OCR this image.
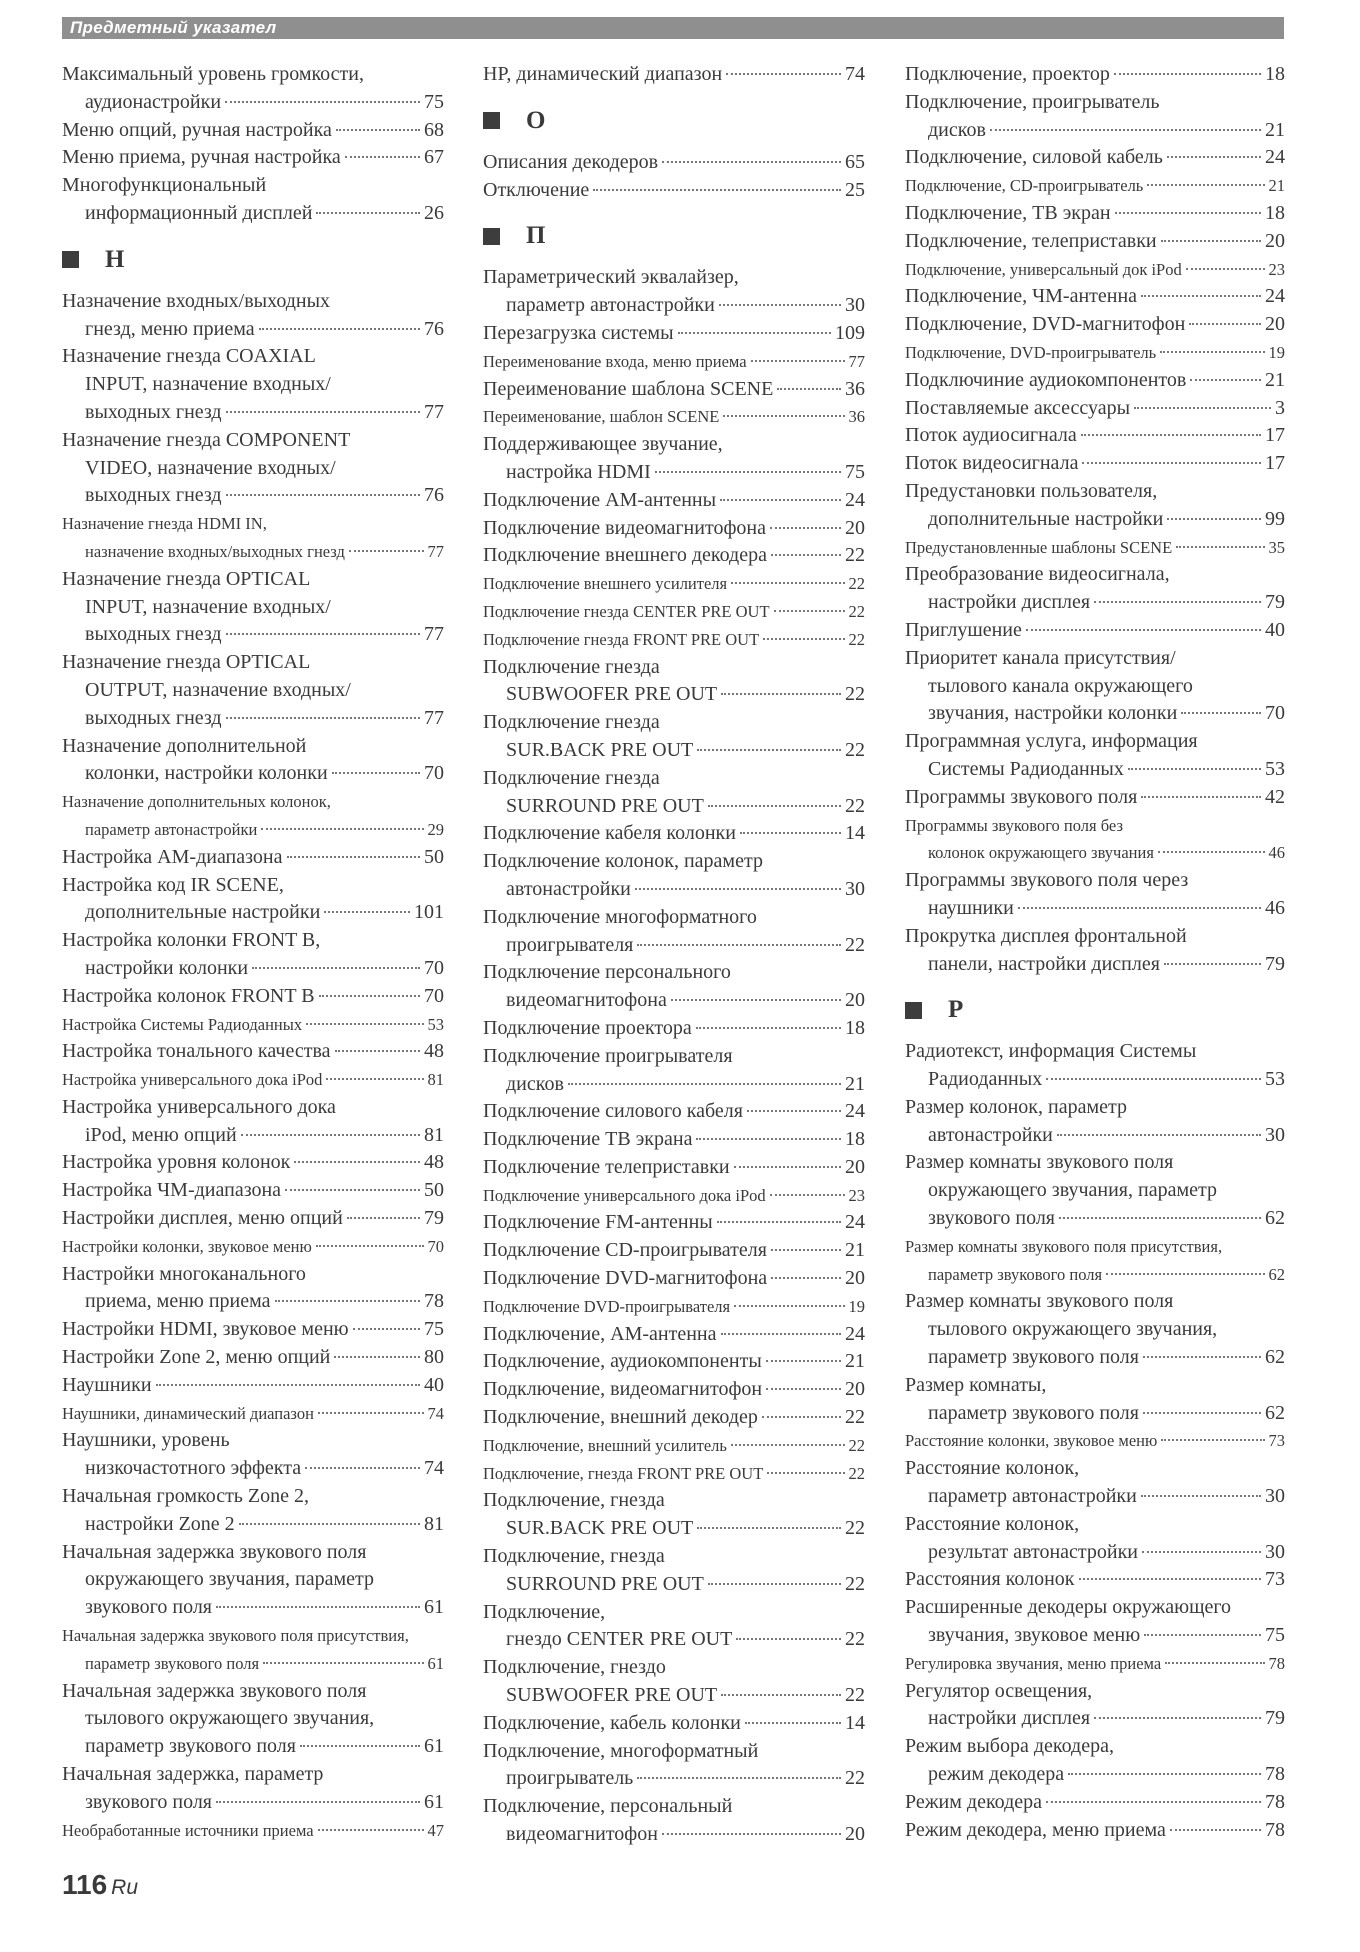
Предметный указател
Максимальный уровень громкости,
аудионастройки	75
Меню опций, ручная настройка	68
Меню приема, ручная настройка	67
Многофункциональный
информационный дисплей	26
Н
Назначение входных/выходных
гнезд, меню приема	76
Назначение гнезда COAXIAL
INPUT, назначение входных/
выходных гнезд	77
Назначение гнезда COMPONENT
VIDEO, назначение входных/
выходных гнезд	76
Назначение гнезда HDMI IN,
назначение входных/выходных гнезд	77
Назначение гнезда OPTICAL
INPUT, назначение входных/
выходных гнезд	77
Назначение гнезда OPTICAL
OUTPUT, назначение входных/
выходных гнезд	77
Назначение дополнительной
колонки, настройки колонки	70
Назначение дополнительных колонок,
параметр автонастройки	29
Настройка АМ-диапазона	50
Настройка код IR SCENE,
дополнительные настройки	101
Настройка колонки FRONT B,
настройки колонки	70
Настройка колонок FRONT B	70
Настройка Системы Радиоданных	53
Настройка тонального качества	48
Настройка универсального дока iPod	81
Настройка универсального дока
iPod, меню опций	81
Настройка уровня колонок	48
Настройка ЧМ-диапазона	50
Настройки дисплея, меню опций	79
Настройки колонки, звуковое меню	70
Настройки многоканального
приема, меню приема	78
Настройки HDMI, звуковое меню	75
Настройки Zone 2, меню опций	80
Наушники	40
Наушники, динамический диапазон	74
Наушники, уровень
низкочастотного эффекта	74
Начальная громкость Zone 2,
настройки Zone 2	81
Начальная задержка звукового поля
окружающего звучания, параметр
звукового поля	61
Начальная задержка звукового поля присутствия,
параметр звукового поля	61
Начальная задержка звукового поля
тылового окружающего звучания,
параметр звукового поля	61
Начальная задержка, параметр
звукового поля	61
Необработанные источники приема	47
HP, динамический диапазон	74
О
Описания декодеров	65
Отключение	25
П
Параметрический эквалайзер,
параметр автонастройки	30
Перезагрузка системы	109
Переименование входа, меню приема	77
Переименование шаблона SCENE	36
Переименование, шаблон SCENE	36
Поддерживающее звучание,
настройка HDMI	75
Подключение АМ-антенны	24
Подключение видеомагнитофона	20
Подключение внешнего декодера	22
Подключение внешнего усилителя	22
Подключение гнезда CENTER PRE OUT	22
Подключение гнезда FRONT PRE OUT	22
Подключение гнезда
SUBWOOFER PRE OUT	22
Подключение гнезда
SUR.BACK PRE OUT	22
Подключение гнезда
SURROUND PRE OUT	22
Подключение кабеля колонки	14
Подключение колонок, параметр
автонастройки	30
Подключение многоформатного
проигрывателя	22
Подключение персонального
видеомагнитофона	20
Подключение проектора	18
Подключение проигрывателя
дисков	21
Подключение силового кабеля	24
Подключение ТВ экрана	18
Подключение телеприставки	20
Подключение универсального дока iPod	23
Подключение FM-антенны	24
Подключение CD-проигрывателя	21
Подключение DVD-магнитофона	20
Подключение DVD-проигрывателя	19
Подключение, АМ-антенна	24
Подключение, аудиокомпоненты	21
Подключение, видеомагнитофон	20
Подключение, внешний декодер	22
Подключение, внешний усилитель	22
Подключение, гнезда FRONT PRE OUT	22
Подключение, гнезда
SUR.BACK PRE OUT	22
Подключение, гнезда
SURROUND PRE OUT	22
Подключение,
гнездо CENTER PRE OUT	22
Подключение, гнездо
SUBWOOFER PRE OUT	22
Подключение, кабель колонки	14
Подключение, многоформатный
проигрыватель	22
Подключение, персональный
видеомагнитофон	20
Подключение, проектор	18
Подключение, проигрыватель
дисков	21
Подключение, силовой кабель	24
Подключение, CD-проигрыватель	21
Подключение, ТВ экран	18
Подключение, телеприставки	20
Подключение, универсальный док iPod	23
Подключение, ЧМ-антенна	24
Подключение, DVD-магнитофон	20
Подключение, DVD-проигрыватель	19
Подключиние аудиокомпонентов	21
Поставляемые аксессуары	3
Поток аудиосигнала	17
Поток видеосигнала	17
Предустановки пользователя,
дополнительные настройки	99
Предустановленные шаблоны SCENE	35
Преобразование видеосигнала,
настройки дисплея	79
Приглушение	40
Приоритет канала присутствия/
тылового канала окружающего
звучания, настройки колонки	70
Программная услуга, информация
Системы Радиоданных	53
Программы звукового поля	42
Программы звукового поля без
колонок окружающего звучания	46
Программы звукового поля через
наушники	46
Прокрутка дисплея фронтальной
панели, настройки дисплея	79
Р
Радиотекст, информация Системы
Радиоданных	53
Размер колонок, параметр
автонастройки	30
Размер комнаты звукового поля
окружающего звучания, параметр
звукового поля	62
Размер комнаты звукового поля присутствия,
параметр звукового поля	62
Размер комнаты звукового поля
тылового окружающего звучания,
параметр звукового поля	62
Размер комнаты,
параметр звукового поля	62
Расстояние колонки, звуковое меню	73
Расстояние колонок,
параметр автонастройки	30
Расстояние колонок,
результат автонастройки	30
Расстояния колонок	73
Расширенные декодеры окружающего
звучания, звуковое меню	75
Регулировка звучания, меню приема	78
Регулятор освещения,
настройки дисплея	79
Режим выбора декодера,
режим декодера	78
Режим декодера	78
Режим декодера, меню приема	78
116 Ru
